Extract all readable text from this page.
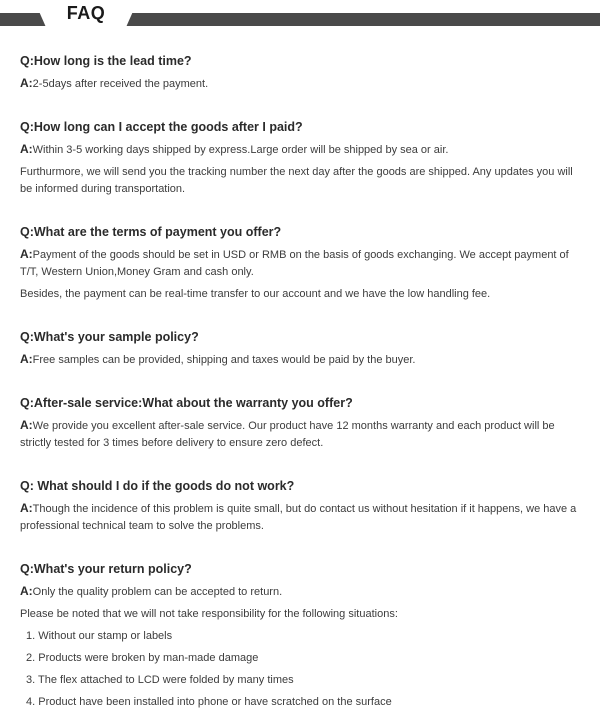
FAQ
Q:How long is the lead time?
A:2-5days after received the payment.
Q:How long can I accept the goods after I paid?
A:Within 3-5 working days shipped by express.Large order will be shipped by sea or air.
Furthurmore, we will send you the tracking number the next day after the goods are shipped. Any updates you will be informed during transportation.
Q:What are the terms of payment you offer?
A:Payment of the goods should be set in USD or RMB on the basis of goods exchanging. We accept payment of T/T, Western Union,Money Gram and cash only.
Besides, the payment can be real-time transfer to our account and we have the low handling fee.
Q:What's your sample policy?
A:Free samples can be provided, shipping and taxes would be paid by the buyer.
Q:After-sale service:What about the warranty you offer?
A:We provide you excellent after-sale service. Our product have 12 months warranty and each product will be strictly tested for 3 times before delivery to ensure zero defect.
Q: What should I do if the goods do not work?
A:Though the incidence of this problem is quite small, but do contact us without hesitation if it happens, we have a professional technical team to solve the problems.
Q:What's your return policy?
A:Only the quality problem can be accepted to return.
Please be noted that we will not take responsibility for the following situations:
1. Without our stamp or labels
2. Products were broken by man-made damage
3. The flex attached to LCD were folded by many times
4. Product have been installed into phone or have scratched on the surface
